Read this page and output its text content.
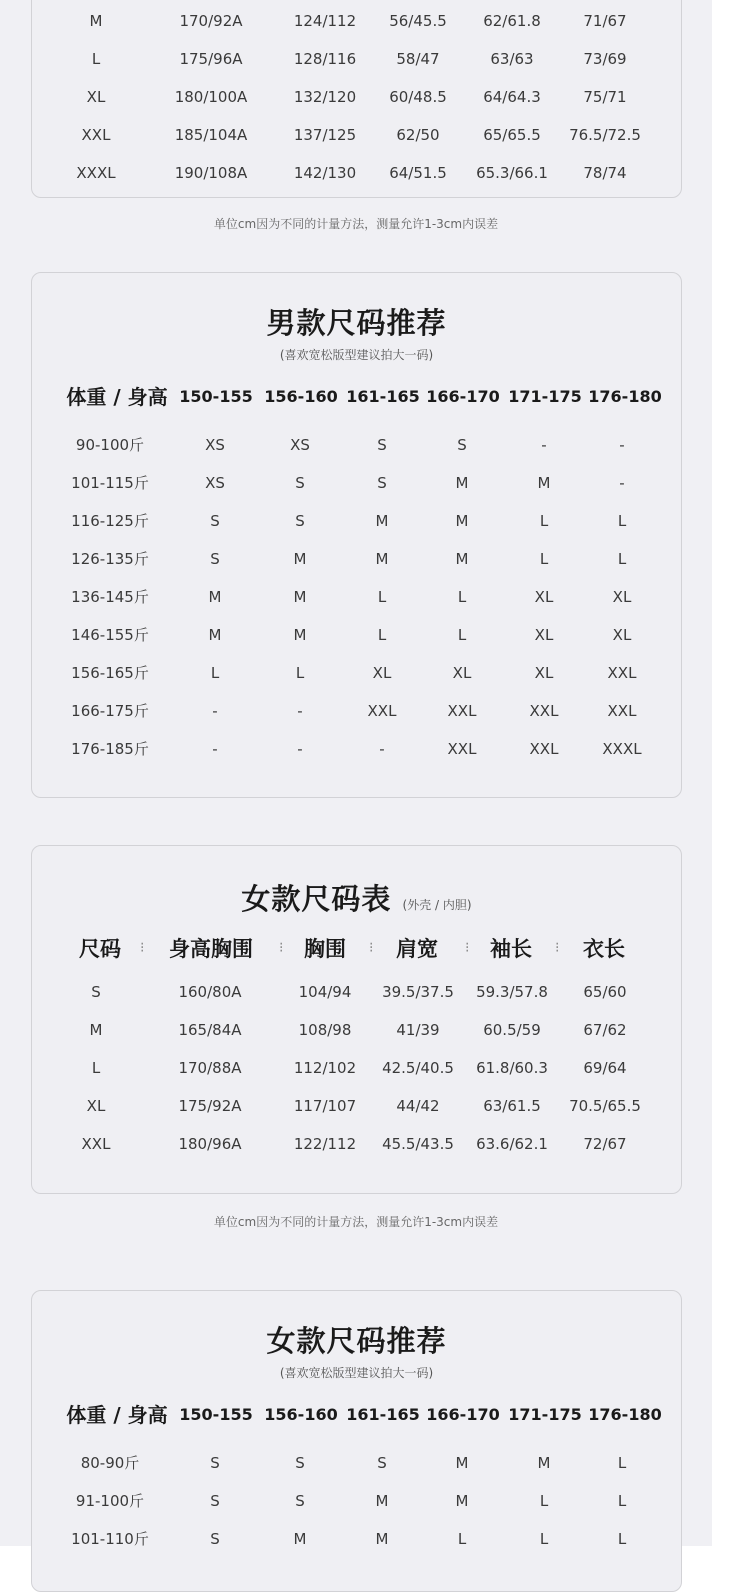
M	170/92A	124/112	56/45.5	62/61.8	71/67
L	175/96A	128/116	58/47	63/63	73/69
XL	180/100A	132/120	60/48.5	64/64.3	75/71
XXL	185/104A	137/125	62/50	65/65.5	76.5/72.5
XXXL	190/108A	142/130	64/51.5	65.3/66.1	78/74
单位cm因为不同的计量方法，测量允许1-3cm内误差
男款尺码推荐
(喜欢宽松版型建议拍大一码)
体重 / 身高 150-155 156-160 161-165 166-170 171-175 176-180
90-100斤	XS	XS	S	S	-	-
101-115斤	XS	S	S	M	M	-
116-125斤	S	S	M	M	L	L
126-135斤	S	M	M	M	L	L
136-145斤	M	M	L	L	XL	XL
146-155斤	M	M	L	L	XL	XL
156-165斤	L	L	XL	XL	XL	XXL
166-175斤	-	-	XXL	XXL	XXL	XXL
176-185斤	-	-	-	XXL	XXL	XXXL
女款尺码表 (外壳 / 内胆)
尺码	⁝	身高胸围	⁝ 胸围	⁝	肩宽	⁝ 袖长	⁝	衣长
S	160/80A	104/94	39.5/37.5	59.3/57.8	65/60
M	165/84A	108/98	41/39	60.5/59	67/62
L	170/88A	112/102	42.5/40.5	61.8/60.3	69/64
XL	175/92A	117/107	44/42	63/61.5	70.5/65.5
XXL	180/96A	122/112	45.5/43.5	63.6/62.1	72/67
单位cm因为不同的计量方法，测量允许1-3cm内误差
女款尺码推荐
(喜欢宽松版型建议拍大一码)
体重 / 身高 150-155 156-160 161-165 166-170 171-175 176-180
80-90斤	S	S	S	M	M	L
91-100斤	S	S	M	M	L	L
101-110斤	S	M	M	L	L	L
